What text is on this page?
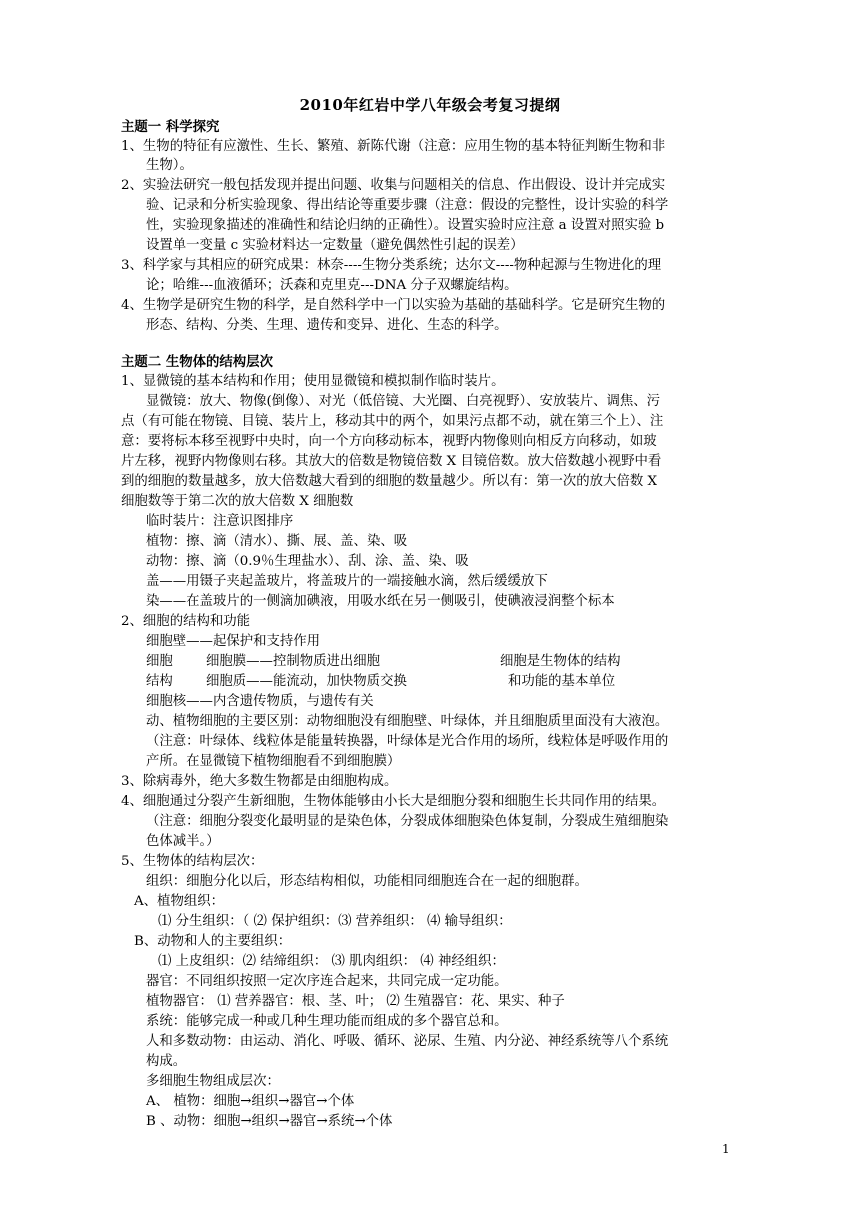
2010年红岩中学八年级会考复习提纲
主题一 科学探究
1、生物的特征有应激性、生长、繁殖、新陈代谢（注意：应用生物的基本特征判断生物和非
生物）。
2、实验法研究一般包括发现并提出问题、收集与问题相关的信息、作出假设、设计并完成实
验、记录和分析实验现象、得出结论等重要步骤（注意：假设的完整性，设计实验的科学
性，实验现象描述的准确性和结论归纳的正确性）。设置实验时应注意 a 设置对照实验 b
设置单一变量 c 实验材料达一定数量（避免偶然性引起的误差）
3、科学家与其相应的研究成果：林奈----生物分类系统；达尔文----物种起源与生物进化的理
论；哈维---血液循环；沃森和克里克---DNA 分子双螺旋结构。
4、生物学是研究生物的科学，是自然科学中一门以实验为基础的基础科学。它是研究生物的
形态、结构、分类、生理、遗传和变异、进化、生态的科学。
主题二 生物体的结构层次
1、显微镜的基本结构和作用；使用显微镜和模拟制作临时装片。
显微镜：放大、物像(倒像）、对光（低倍镜、大光圈、白亮视野）、安放装片、调焦、污
点（有可能在物镜、目镜、装片上，移动其中的两个，如果污点都不动，就在第三个上）、注
意：要将标本移至视野中央时，向一个方向移动标本，视野内物像则向相反方向移动，如玻
片左移，视野内物像则右移。其放大的倍数是物镜倍数 X 目镜倍数。放大倍数越小视野中看
到的细胞的数量越多，放大倍数越大看到的细胞的数量越少。所以有：第一次的放大倍数 X
细胞数等于第二次的放大倍数 X 细胞数
临时装片：注意识图排序
植物：擦、滴（清水）、撕、展、盖、染、吸
动物：擦、滴（0.9％生理盐水）、刮、涂、盖、染、吸
盖——用镊子夹起盖玻片，将盖玻片的一端接触水滴，然后缓缓放下
染——在盖玻片的一侧滴加碘液，用吸水纸在另一侧吸引，使碘液浸润整个标本
2、细胞的结构和功能
细胞壁——起保护和支持作用
细胞 细胞膜——控制物质进出细胞	细胞是生物体的结构
结构 细胞质——能流动，加快物质交换	和功能的基本单位
细胞核——内含遗传物质，与遗传有关
动、植物细胞的主要区别：动物细胞没有细胞壁、叶绿体，并且细胞质里面没有大液泡。
（注意：叶绿体、线粒体是能量转换器，叶绿体是光合作用的场所，线粒体是呼吸作用的
产所。在显微镜下植物细胞看不到细胞膜）
3、除病毒外，绝大多数生物都是由细胞构成。
4、细胞通过分裂产生新细胞，生物体能够由小长大是细胞分裂和细胞生长共同作用的结果。
（注意：细胞分裂变化最明显的是染色体，分裂成体细胞染色体复制，分裂成生殖细胞染
色体减半。）
5、生物体的结构层次：
组织：细胞分化以后，形态结构相似，功能相同细胞连合在一起的细胞群。
A、植物组织：
⑴ 分生组织：（ ⑵ 保护组织：⑶ 营养组织： ⑷ 输导组织：
B、动物和人的主要组织：
⑴ 上皮组织：⑵ 结缔组织： ⑶ 肌肉组织： ⑷ 神经组织：
器官：不同组织按照一定次序连合起来，共同完成一定功能。
植物器官： ⑴ 营养器官：根、茎、叶； ⑵ 生殖器官：花、果实、种子
系统：能够完成一种或几种生理功能而组成的多个器官总和。
人和多数动物：由运动、消化、呼吸、循环、泌尿、生殖、内分泌、神经系统等八个系统
构成。
多细胞生物组成层次：
A、 植物：细胞→组织→器官→个体
B 、动物：细胞→组织→器官→系统→个体
1
